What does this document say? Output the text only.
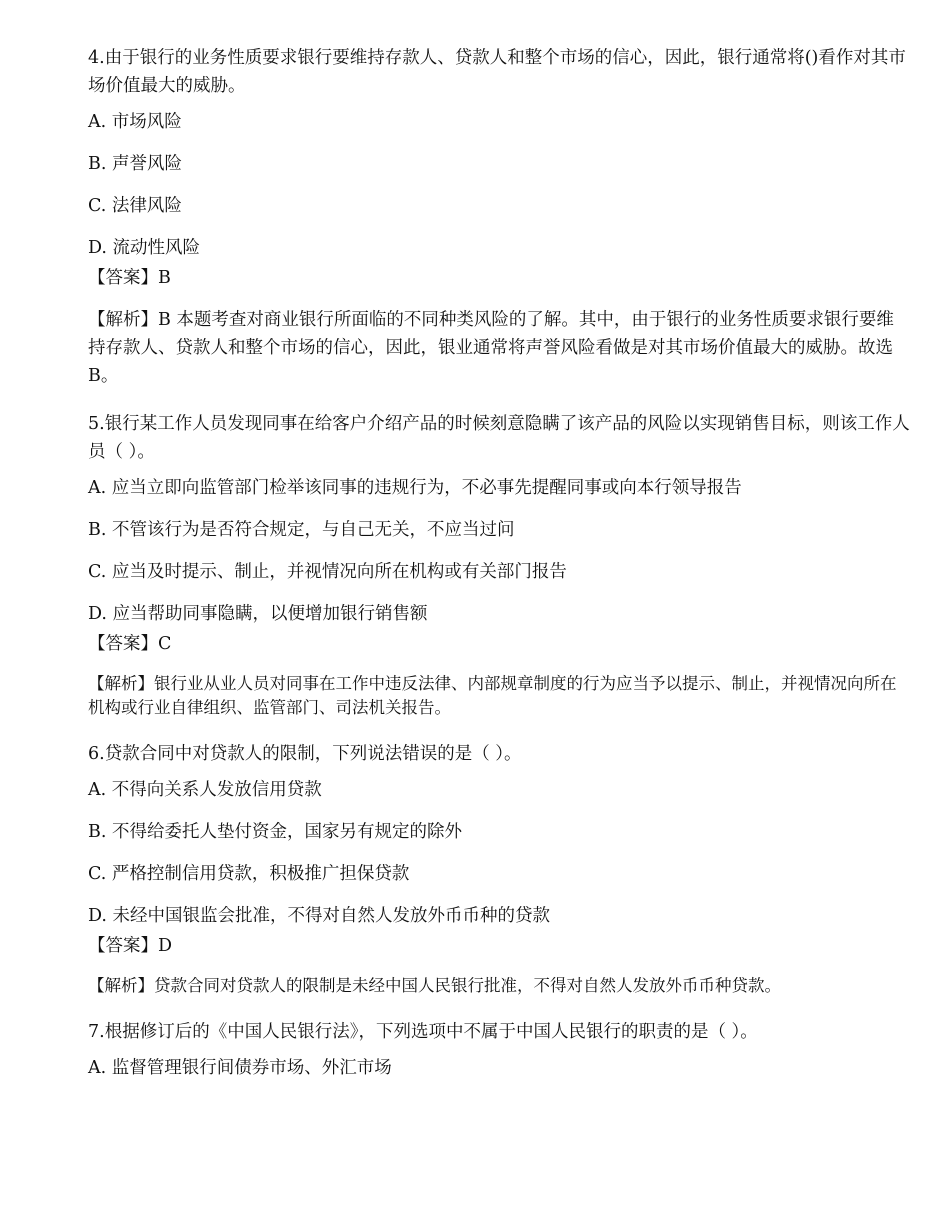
4.由于银行的业务性质要求银行要维持存款人、贷款人和整个市场的信心，因此，银行通常将()看作对其市场价值最大的威胁。

A. 市场风险

B. 声誉风险

C. 法律风险

D. 流动性风险

【答案】B

【解析】B 本题考查对商业银行所面临的不同种类风险的了解。其中，由于银行的业务性质要求银行要维持存款人、贷款人和整个市场的信心，因此，银业通常将声誉风险看做是对其市场价值最大的威胁。故选 B。

5.银行某工作人员发现同事在给客户介绍产品的时候刻意隐瞒了该产品的风险以实现销售目标，则该工作人员（ ）。

A. 应当立即向监管部门检举该同事的违规行为，不必事先提醒同事或向本行领导报告

B. 不管该行为是否符合规定，与自己无关，不应当过问

C. 应当及时提示、制止，并视情况向所在机构或有关部门报告

D. 应当帮助同事隐瞒，以便增加银行销售额

【答案】C

【解析】银行业从业人员对同事在工作中违反法律、内部规章制度的行为应当予以提示、制止，并视情况向所在机构或行业自律组织、监管部门、司法机关报告。

6.贷款合同中对贷款人的限制，下列说法错误的是（ ）。

A. 不得向关系人发放信用贷款

B. 不得给委托人垫付资金，国家另有规定的除外

C. 严格控制信用贷款，积极推广担保贷款

D. 未经中国银监会批准，不得对自然人发放外币币种的贷款

【答案】D

【解析】贷款合同对贷款人的限制是未经中国人民银行批准，不得对自然人发放外币币种贷款。

7.根据修订后的《中国人民银行法》，下列选项中不属于中国人民银行的职责的是（ ）。

A. 监督管理银行间债券市场、外汇市场
